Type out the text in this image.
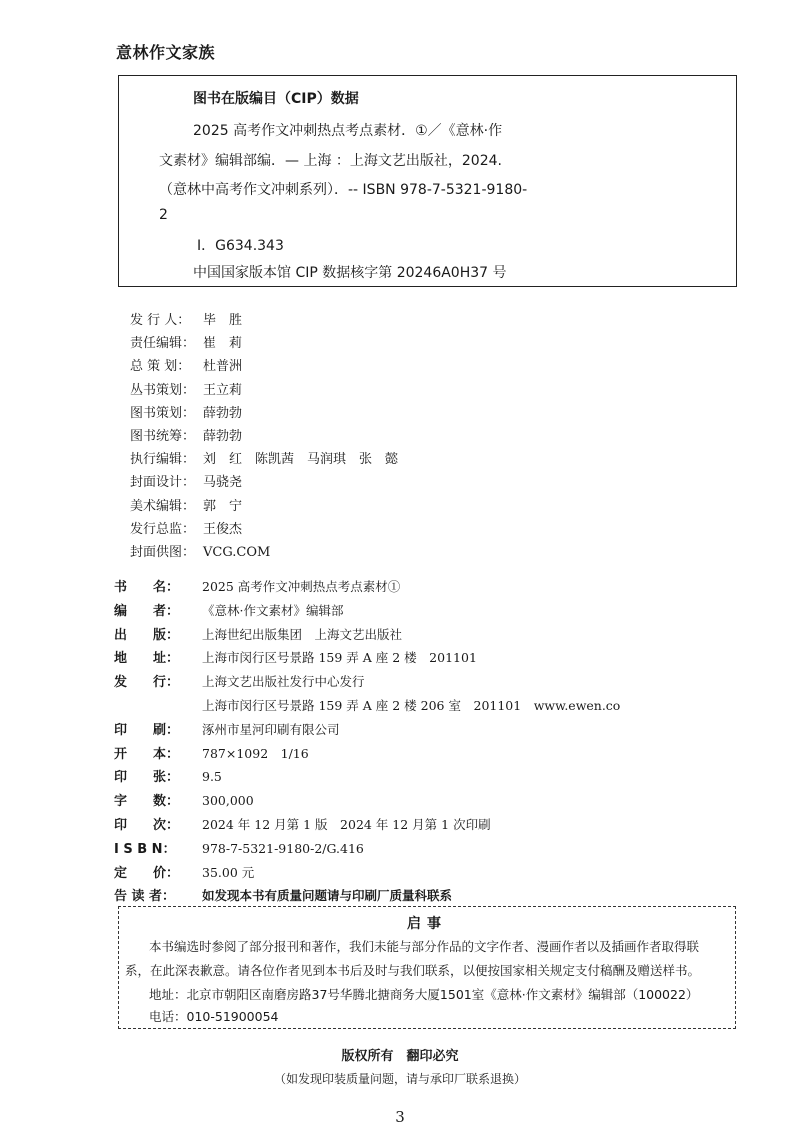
意林作文家族
图书在版编目（CIP）数据
2025 高考作文冲刺热点考点素材．①／《意林·作
文素材》编辑部编．— 上海 ：上海文艺出版社，2024.
（意林中高考作文冲刺系列）．-- ISBN 978-7-5321-9180-
2
Ⅰ．G634.343
中国国家版本馆 CIP 数据核字第 20246A0H37 号
发 行 人： 毕　胜
责任编辑： 崔　莉
总 策 划： 杜普洲
丛书策划： 王立莉
图书策划： 薛勃勃
图书统筹： 薛勃勃
执行编辑： 刘　红　陈凯茜　马润琪　张　懿
封面设计： 马骁尧
美术编辑： 郭　宁
发行总监： 王俊杰
封面供图： VCG.COM
书　　名： 2025 高考作文冲刺热点考点素材①
编　　者： 《意林·作文素材》编辑部
出　　版： 上海世纪出版集团　上海文艺出版社
地　　址： 上海市闵行区号景路 159 弄 A 座 2 楼　201101
发　　行： 上海文艺出版社发行中心发行
上海市闵行区号景路 159 弄 A 座 2 楼 206 室　201101　www.ewen.co
印　　刷： 涿州市星河印刷有限公司
开　　本： 787×1092　1/16
印　　张： 9.5
字　　数： 300,000
印　　次： 2024 年 12 月第 1 版　2024 年 12 月第 1 次印刷
I S B N： 978-7-5321-9180-2/G.416
定　　价： 35.00 元
告 读 者： 如发现本书有质量问题请与印刷厂质量科联系
启事
本书编选时参阅了部分报刊和著作，我们未能与部分作品的文字作者、漫画作者以及插画作者取得联
系，在此深表歉意。请各位作者见到本书后及时与我们联系，以便按国家相关规定支付稿酬及赠送样书。
地址：北京市朝阳区南磨房路37号华腾北搪商务大厦1501室《意林·作文素材》编辑部（100022）
电话：010-51900054
版权所有　翻印必究
（如发现印装质量问题，请与承印厂联系退换）
3
